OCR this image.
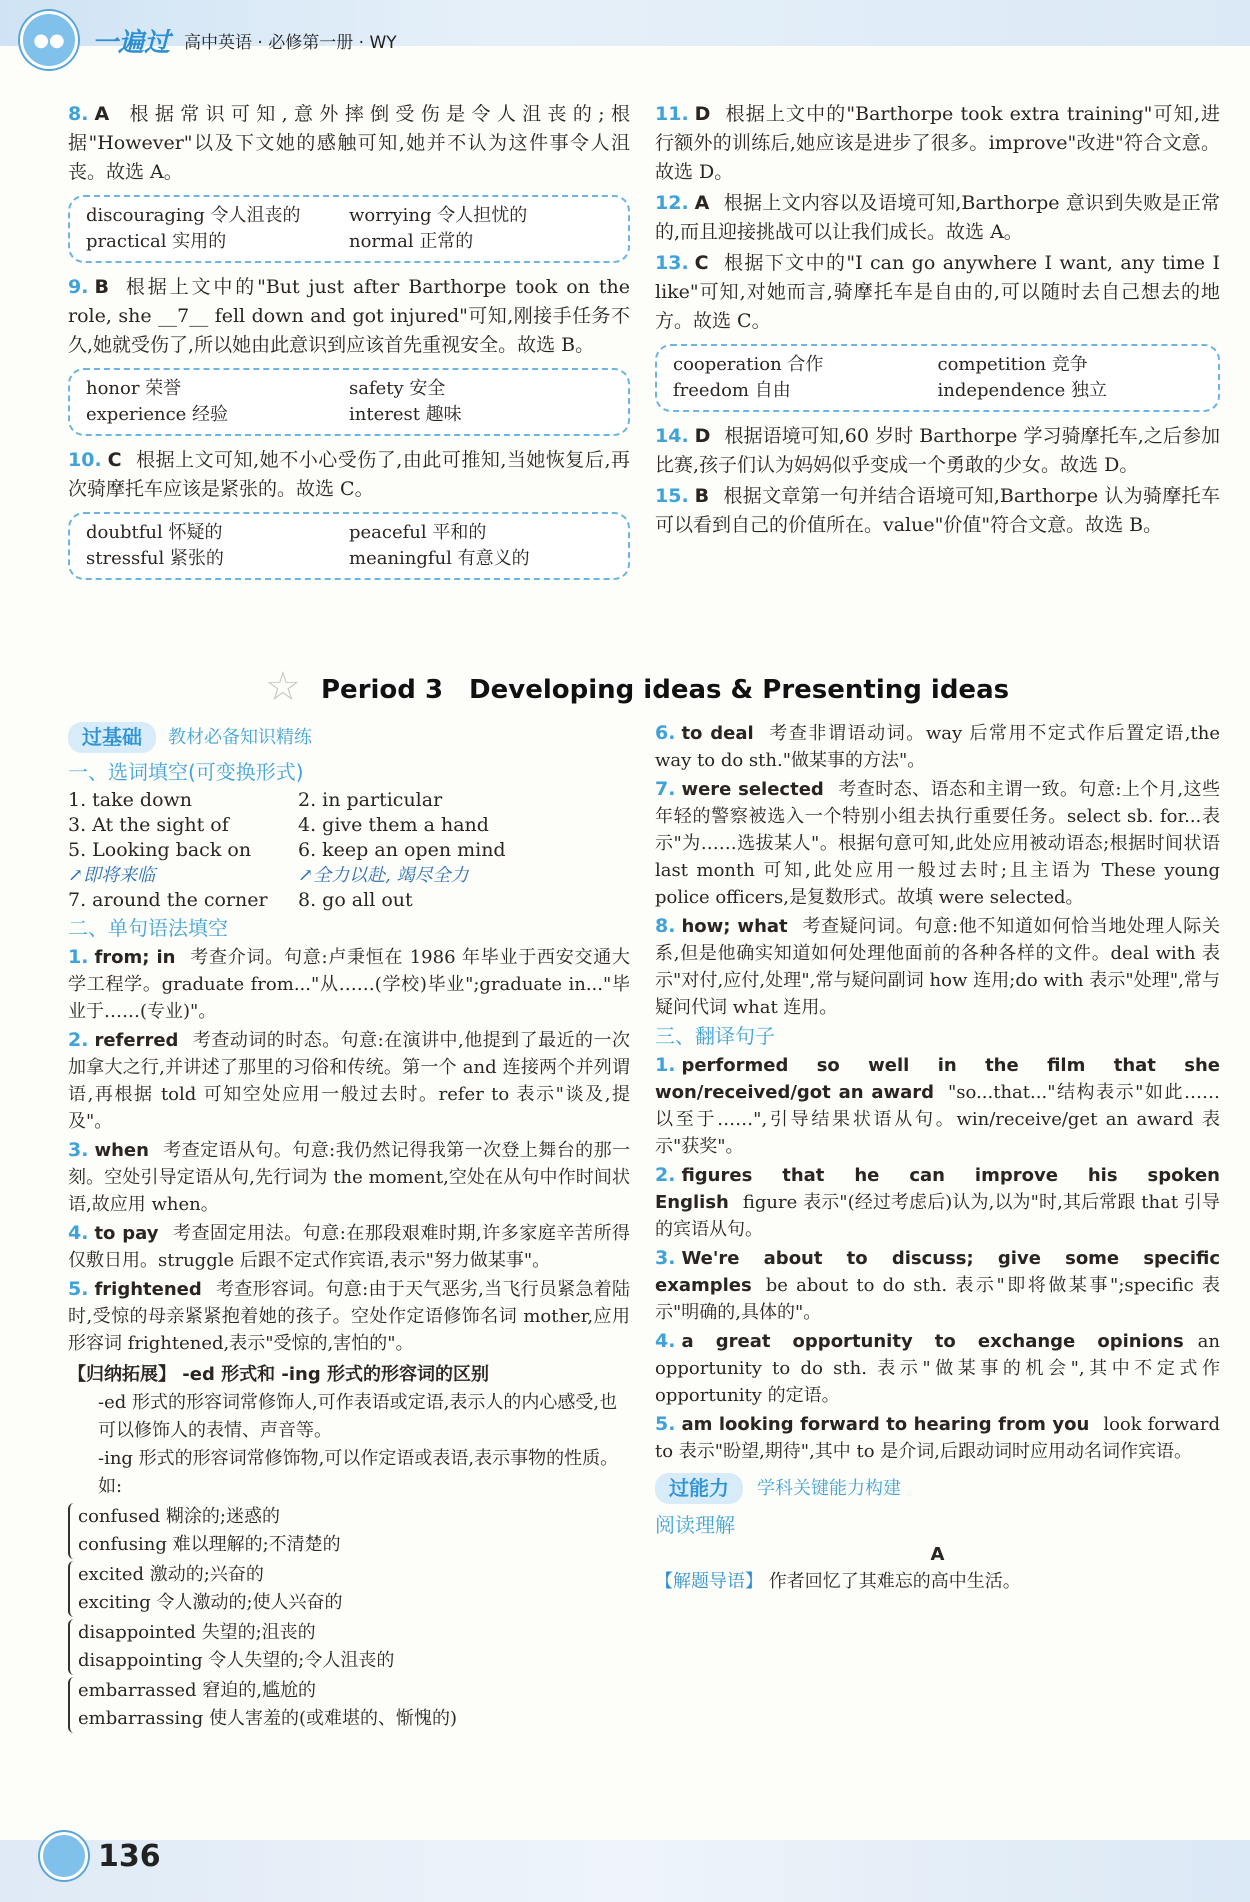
●●	一遍过 高中英语 · 必修第一册 · WY
8. A 根据常识可知,意外摔倒受伤是令人沮丧的;根据"However"以及下文她的感触可知,她并不认为这件事令人沮丧。故选 A。
discouraging 令人沮丧的	worrying 令人担忧的
practical 实用的	normal 正常的
9. B 根据上文中的"But just after Barthorpe took on the role, she __7__ fell down and got injured"可知,刚接手任务不久,她就受伤了,所以她由此意识到应该首先重视安全。故选 B。
honor 荣誉	safety 安全
experience 经验	interest 趣味
10. C 根据上文可知,她不小心受伤了,由此可推知,当她恢复后,再次骑摩托车应该是紧张的。故选 C。
doubtful 怀疑的	peaceful 平和的
stressful 紧张的	meaningful 有意义的
11. D 根据上文中的"Barthorpe took extra training"可知,进行额外的训练后,她应该是进步了很多。improve"改进"符合文意。故选 D。
12. A 根据上文内容以及语境可知,Barthorpe 意识到失败是正常的,而且迎接挑战可以让我们成长。故选 A。
13. C 根据下文中的"I can go anywhere I want, any time I like"可知,对她而言,骑摩托车是自由的,可以随时去自己想去的地方。故选 C。
cooperation 合作	competition 竞争
freedom 自由	independence 独立
14. D 根据语境可知,60 岁时 Barthorpe 学习骑摩托车,之后参加比赛,孩子们认为妈妈似乎变成一个勇敢的少女。故选 D。
15. B 根据文章第一句并结合语境可知,Barthorpe 认为骑摩托车可以看到自己的价值所在。value"价值"符合文意。故选 B。
☆ Period 3　Developing ideas & Presenting ideas
过基础	教材必备知识精练
一、选词填空(可变换形式)
1. take down	2. in particular
3. At the sight of	4. give them a hand
5. Looking back on	6. keep an open mind
↗即将来临	↗全力以赴, 竭尽全力
7. around the corner	8. go all out
二、单句语法填空
1. from; in 考查介词。句意:卢秉恒在 1986 年毕业于西安交通大学工程学。graduate from..."从……(学校)毕业";graduate in..."毕业于……(专业)"。
2. referred 考查动词的时态。句意:在演讲中,他提到了最近的一次加拿大之行,并讲述了那里的习俗和传统。第一个 and 连接两个并列谓语,再根据 told 可知空处应用一般过去时。refer to 表示"谈及,提及"。
3. when 考查定语从句。句意:我仍然记得我第一次登上舞台的那一刻。空处引导定语从句,先行词为 the moment,空处在从句中作时间状语,故应用 when。
4. to pay 考查固定用法。句意:在那段艰难时期,许多家庭辛苦所得仅敷日用。struggle 后跟不定式作宾语,表示"努力做某事"。
5. frightened 考查形容词。句意:由于天气恶劣,当飞行员紧急着陆时,受惊的母亲紧紧抱着她的孩子。空处作定语修饰名词 mother,应用形容词 frightened,表示"受惊的,害怕的"。
【归纳拓展】 -ed 形式和 -ing 形式的形容词的区别
-ed 形式的形容词常修饰人,可作表语或定语,表示人的内心感受,也可以修饰人的表情、声音等。
-ing 形式的形容词常修饰物,可以作定语或表语,表示事物的性质。如:
confused 糊涂的;迷惑的
confusing 难以理解的;不清楚的
excited 激动的;兴奋的
exciting 令人激动的;使人兴奋的
disappointed 失望的;沮丧的
disappointing 令人失望的;令人沮丧的
embarrassed 窘迫的,尴尬的
embarrassing 使人害羞的(或难堪的、惭愧的)
6. to deal 考查非谓语动词。way 后常用不定式作后置定语,the way to do sth."做某事的方法"。
7. were selected 考查时态、语态和主谓一致。句意:上个月,这些年轻的警察被选入一个特别小组去执行重要任务。select sb. for...表示"为……选拔某人"。根据句意可知,此处应用被动语态;根据时间状语 last month 可知,此处应用一般过去时;且主语为 These young police officers,是复数形式。故填 were selected。
8. how; what 考查疑问词。句意:他不知道如何恰当地处理人际关系,但是他确实知道如何处理他面前的各种各样的文件。deal with 表示"对付,应付,处理",常与疑问副词 how 连用;do with 表示"处理",常与疑问代词 what 连用。
三、翻译句子
1. performed so well in the film that she won/received/got an award "so...that..."结构表示"如此……以至于……",引导结果状语从句。win/receive/get an award 表示"获奖"。
2. figures that he can improve his spoken English figure 表示"(经过考虑后)认为,以为"时,其后常跟 that 引导的宾语从句。
3. We're about to discuss; give some specific examples be about to do sth. 表示"即将做某事";specific 表示"明确的,具体的"。
4. a great opportunity to exchange opinions an opportunity to do sth. 表示"做某事的机会",其中不定式作 opportunity 的定语。
5. am looking forward to hearing from you look forward to 表示"盼望,期待",其中 to 是介词,后跟动词时应用动名词作宾语。
过能力	学科关键能力构建
阅读理解
A
【解题导语】 作者回忆了其难忘的高中生活。
136
